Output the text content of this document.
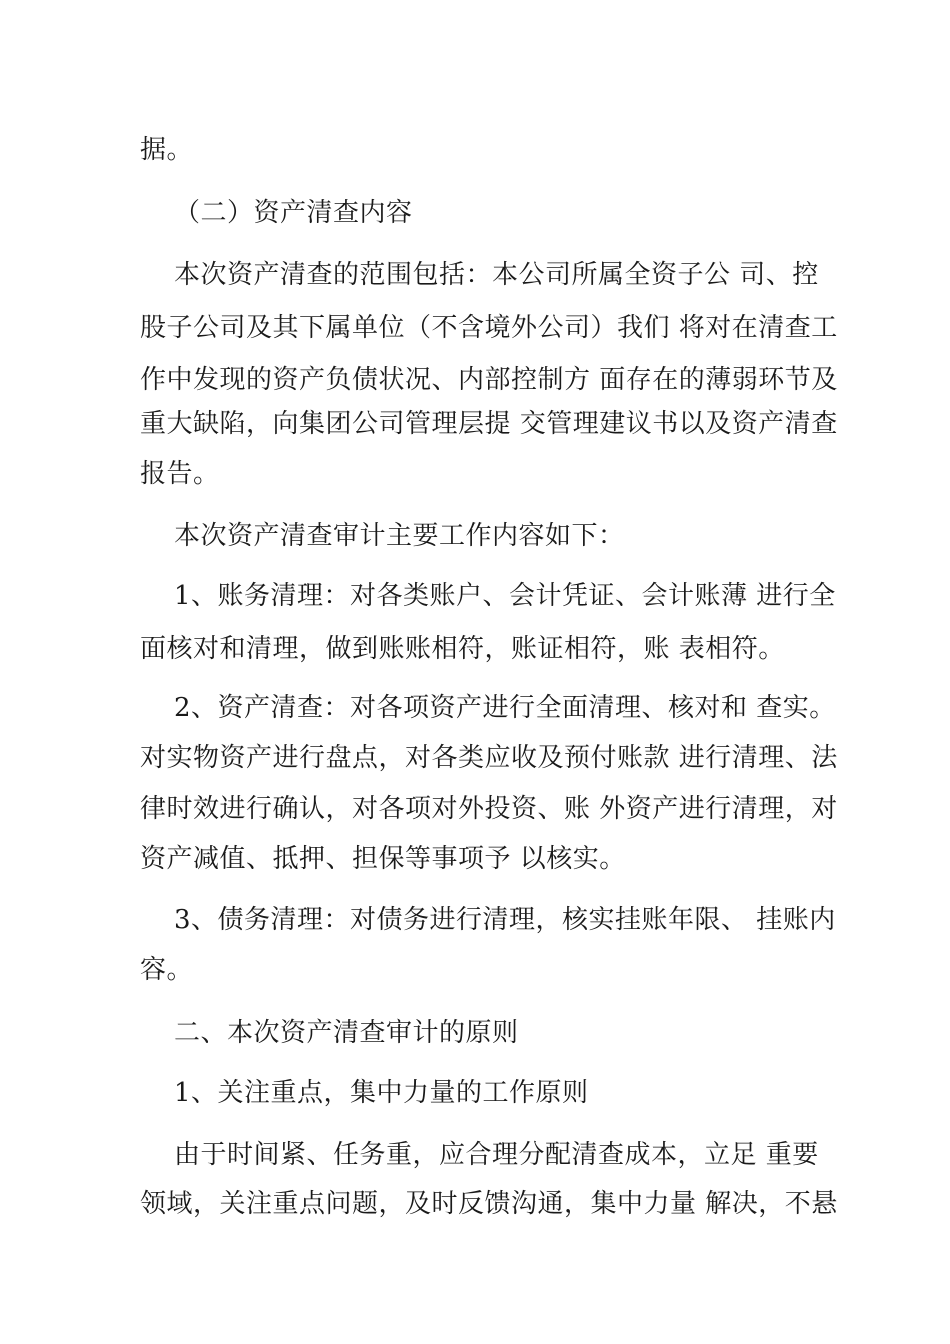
据。
（二）资产清查内容
本次资产清查的范围包括：本公司所属全资子公 司、控
股子公司及其下属单位（不含境外公司）我们 将对在清查工
作中发现的资产负债状况、内部控制方 面存在的薄弱环节及
重大缺陷，向集团公司管理层提 交管理建议书以及资产清查
报告。
本次资产清查审计主要工作内容如下：
1、账务清理：对各类账户、会计凭证、会计账薄 进行全
面核对和清理，做到账账相符，账证相符，账 表相符。
2、资产清查：对各项资产进行全面清理、核对和 查实。
对实物资产进行盘点，对各类应收及预付账款 进行清理、法
律时效进行确认，对各项对外投资、账 外资产进行清理，对
资产减值、抵押、担保等事项予 以核实。
3、债务清理：对债务进行清理，核实挂账年限、 挂账内
容。
二、本次资产清查审计的原则
1、关注重点，集中力量的工作原则
由于时间紧、任务重，应合理分配清查成本，立足 重要
领域，关注重点问题，及时反馈沟通，集中力量 解决，不悬
